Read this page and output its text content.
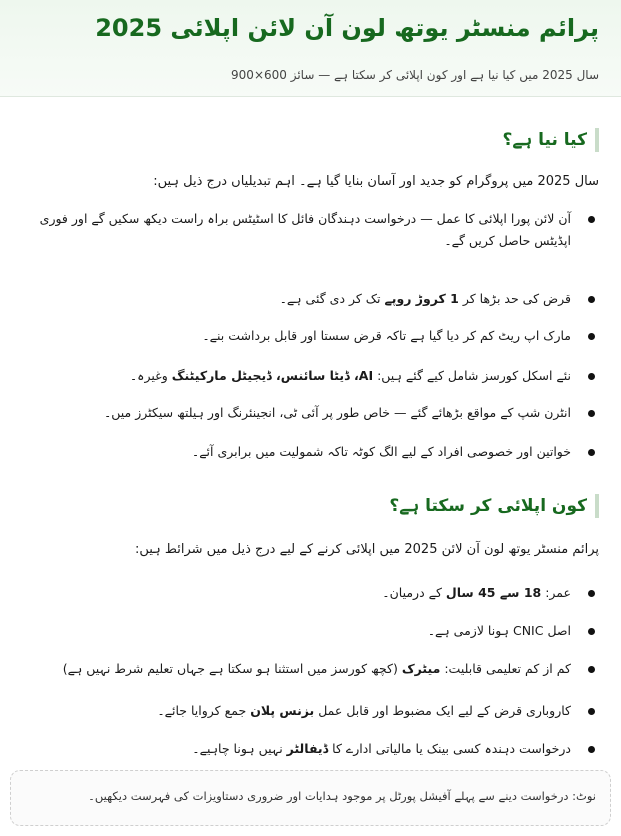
پرائم منسٹر یوتھ لون آن لائن اپلائی 2025
سال 2025 میں کیا نیا ہے اور کون اپلائی کر سکتا ہے — سائز 600×900
کیا نیا ہے؟
سال 2025 میں پروگرام کو جدید اور آسان بنایا گیا ہے۔ اہم تبدیلیاں درج ذیل ہیں:
آن لائن پورا اپلائی کا عمل — درخواست دہندگان فائل کا اسٹیٹس براہ راست دیکھ سکیں گے اور فوری اپڈیٹس حاصل کریں گے۔
قرض کی حد بڑھا کر 1 کروڑ روپے تک کر دی گئی ہے۔
مارک اپ ریٹ کم کر دیا گیا ہے تاکہ قرض سستا اور قابل برداشت بنے۔
نئے اسکل کورسز شامل کیے گئے ہیں: AI، ڈیٹا سائنس، ڈیجیٹل مارکیٹنگ وغیرہ۔
انٹرن شپ کے مواقع بڑھائے گئے — خاص طور پر آئی ٹی، انجینئرنگ اور ہیلتھ سیکٹرز میں۔
خواتین اور خصوصی افراد کے لیے الگ کوٹہ تاکہ شمولیت میں برابری آئے۔
کون اپلائی کر سکتا ہے؟
پرائم منسٹر یوتھ لون آن لائن 2025 میں اپلائی کرنے کے لیے درج ذیل میں شرائط ہیں:
عمر: 18 سے 45 سال کے درمیان۔
اصل CNIC ہونا لازمی ہے۔
کم از کم تعلیمی قابلیت: میٹرک (کچھ کورسز میں استثنا ہو سکتا ہے جہاں تعلیم شرط نہیں ہے)
کاروباری قرض کے لیے ایک مضبوط اور قابل عمل بزنس پلان جمع کروایا جائے۔
درخواست دہندہ کسی بینک یا مالیاتی ادارے کا ڈیفالٹر نہیں ہونا چاہیے۔
نوٹ: درخواست دینے سے پہلے آفیشل پورٹل پر موجود ہدایات اور ضروری دستاویزات کی فہرست دیکھیں۔
